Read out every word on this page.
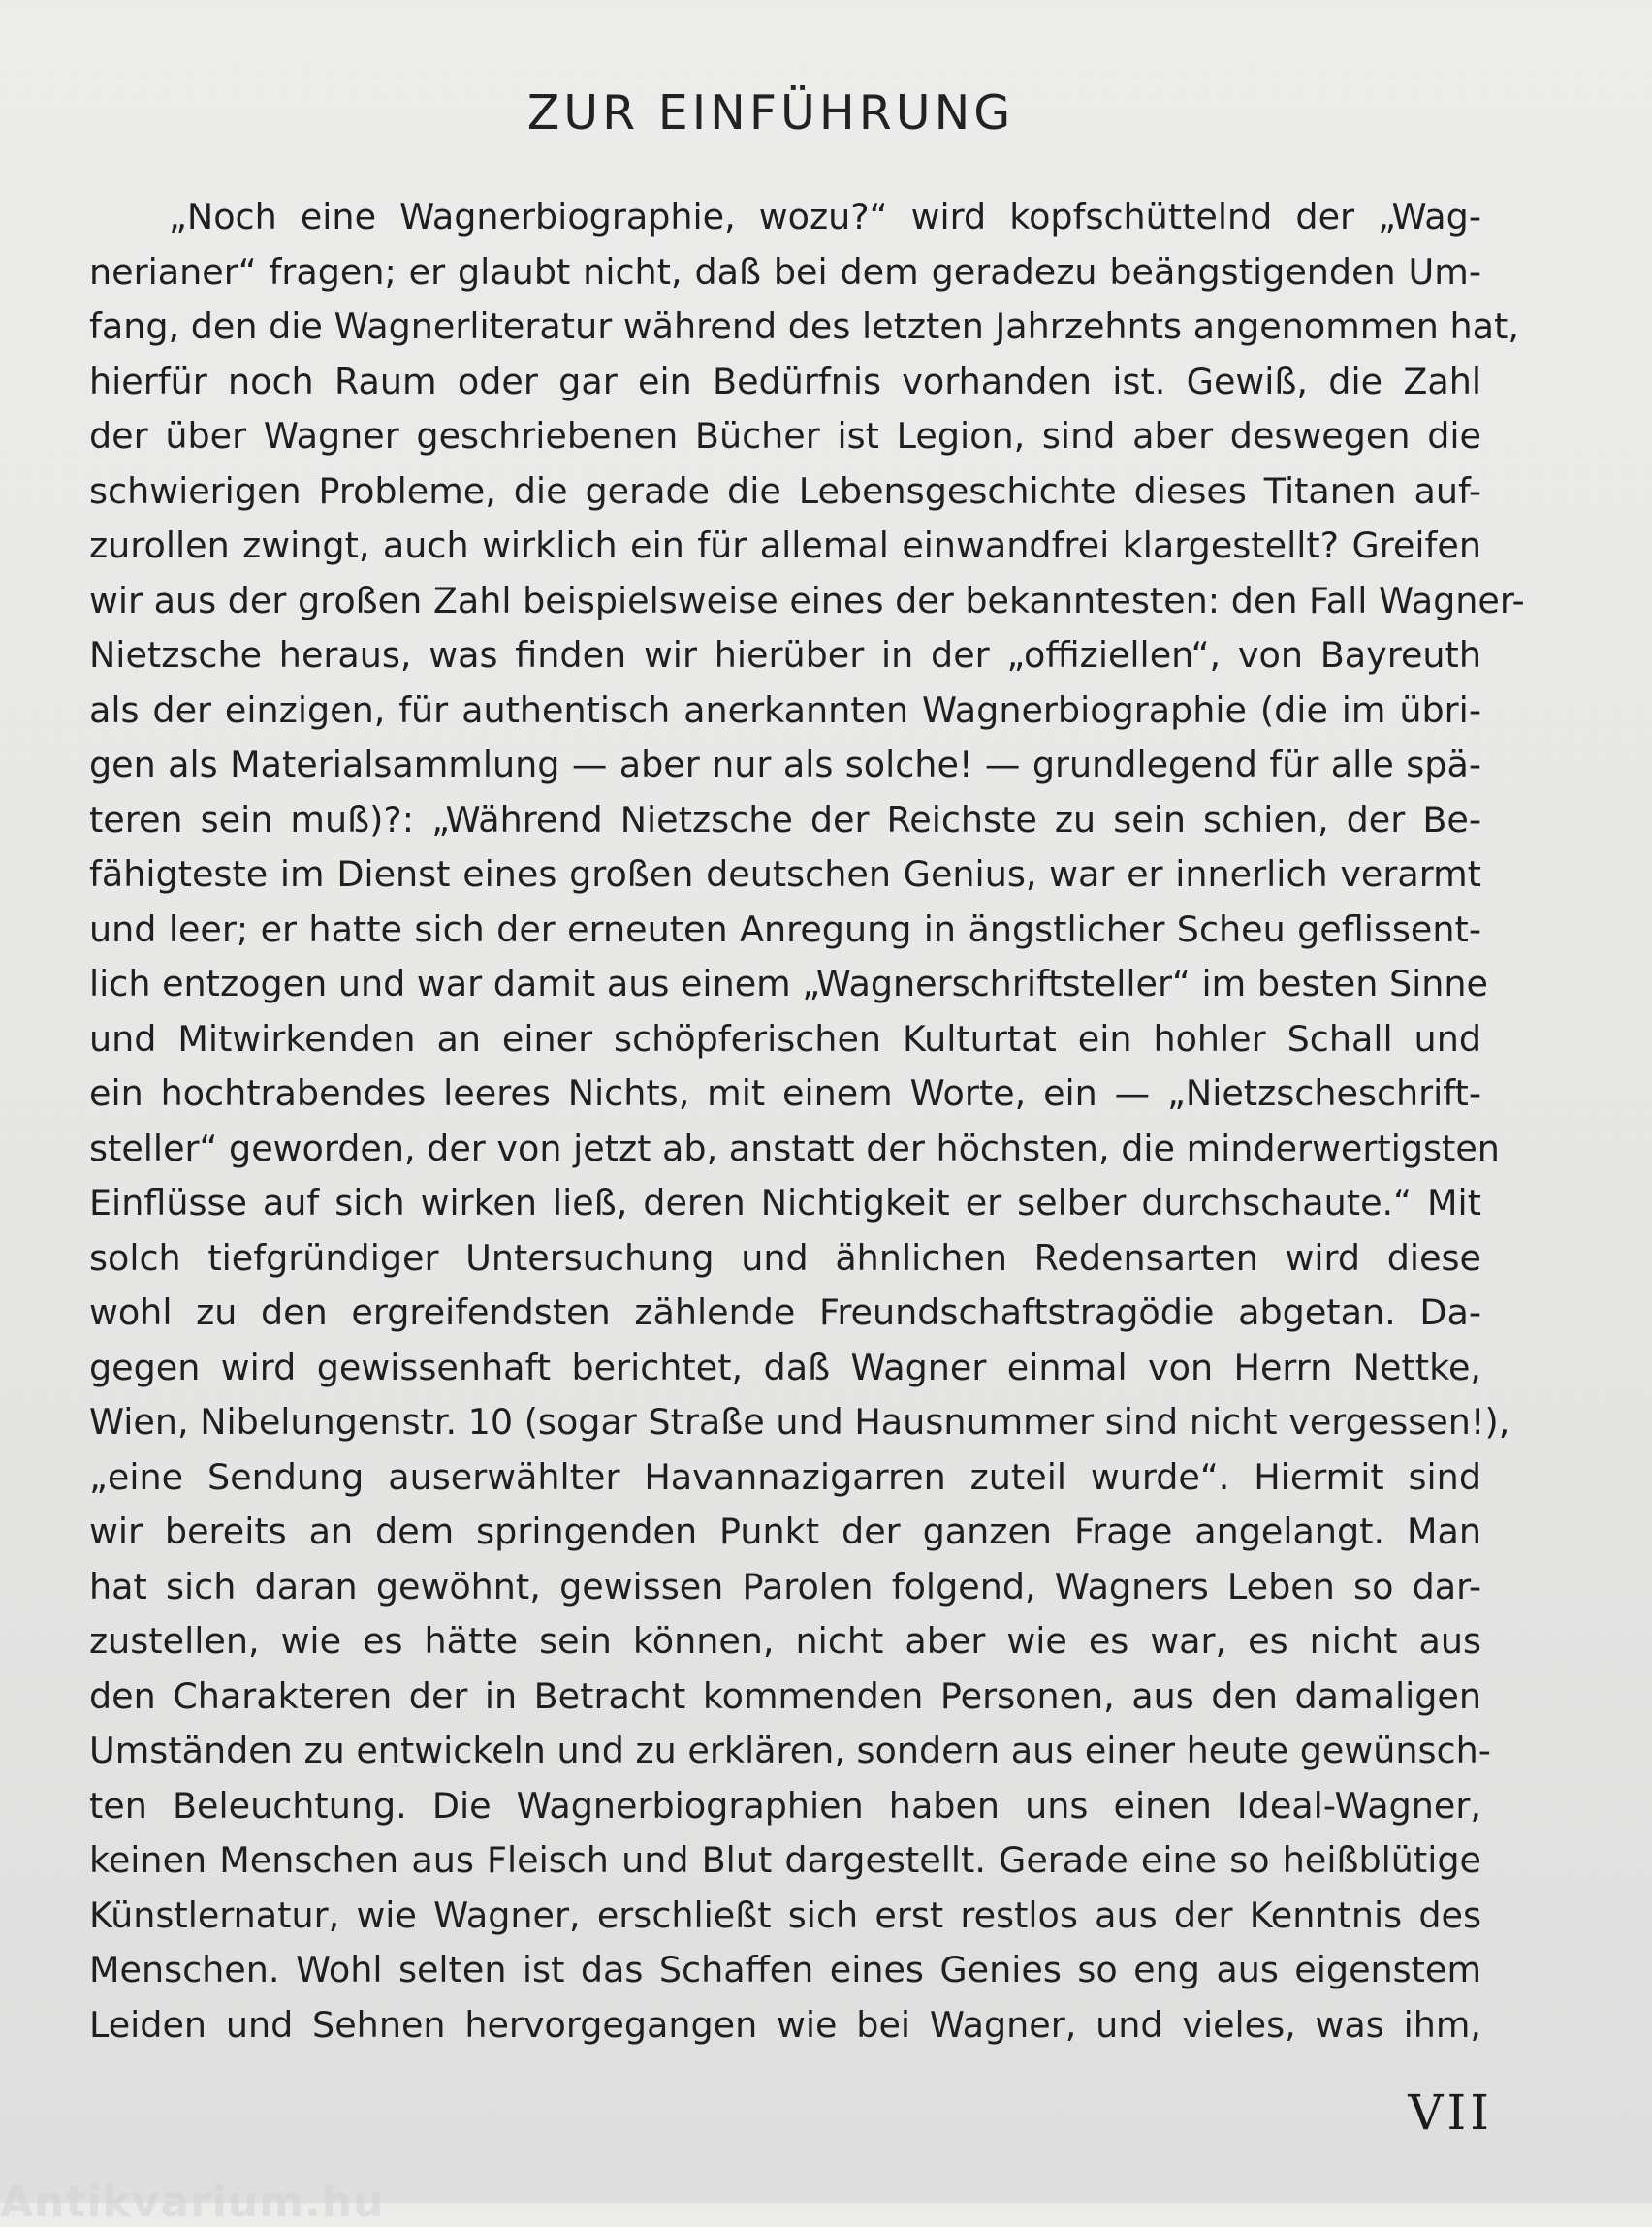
ZUR EINFÜHRUNG
„Noch eine Wagnerbiographie, wozu?“ wird kopfschüttelnd der „Wag-
nerianer“ fragen; er glaubt nicht, daß bei dem geradezu beängstigenden Um-
fang, den die Wagnerliteratur während des letzten Jahrzehnts angenommen hat,
hierfür noch Raum oder gar ein Bedürfnis vorhanden ist. Gewiß, die Zahl
der über Wagner geschriebenen Bücher ist Legion, sind aber deswegen die
schwierigen Probleme, die gerade die Lebensgeschichte dieses Titanen auf-
zurollen zwingt, auch wirklich ein für allemal einwandfrei klargestellt? Greifen
wir aus der großen Zahl beispielsweise eines der bekanntesten: den Fall Wagner-
Nietzsche heraus, was finden wir hierüber in der „offiziellen“, von Bayreuth
als der einzigen, für authentisch anerkannten Wagnerbiographie (die im übri-
gen als Materialsammlung — aber nur als solche! — grundlegend für alle spä-
teren sein muß)?: „Während Nietzsche der Reichste zu sein schien, der Be-
fähigteste im Dienst eines großen deutschen Genius, war er innerlich verarmt
und leer; er hatte sich der erneuten Anregung in ängstlicher Scheu geflissent-
lich entzogen und war damit aus einem „Wagnerschriftsteller“ im besten Sinne
und Mitwirkenden an einer schöpferischen Kulturtat ein hohler Schall und
ein hochtrabendes leeres Nichts, mit einem Worte, ein — „Nietzscheschrift-
steller“ geworden, der von jetzt ab, anstatt der höchsten, die minderwertigsten
Einflüsse auf sich wirken ließ, deren Nichtigkeit er selber durchschaute.“ Mit
solch tiefgründiger Untersuchung und ähnlichen Redensarten wird diese
wohl zu den ergreifendsten zählende Freundschaftstragödie abgetan. Da-
gegen wird gewissenhaft berichtet, daß Wagner einmal von Herrn Nettke,
Wien, Nibelungenstr. 10 (sogar Straße und Hausnummer sind nicht vergessen!),
„eine Sendung auserwählter Havannazigarren zuteil wurde“. Hiermit sind
wir bereits an dem springenden Punkt der ganzen Frage angelangt. Man
hat sich daran gewöhnt, gewissen Parolen folgend, Wagners Leben so dar-
zustellen, wie es hätte sein können, nicht aber wie es war, es nicht aus
den Charakteren der in Betracht kommenden Personen, aus den damaligen
Umständen zu entwickeln und zu erklären, sondern aus einer heute gewünsch-
ten Beleuchtung. Die Wagnerbiographien haben uns einen Ideal-Wagner,
keinen Menschen aus Fleisch und Blut dargestellt. Gerade eine so heißblütige
Künstlernatur, wie Wagner, erschließt sich erst restlos aus der Kenntnis des
Menschen. Wohl selten ist das Schaffen eines Genies so eng aus eigenstem
Leiden und Sehnen hervorgegangen wie bei Wagner, und vieles, was ihm,
VII
Antikvarium.hu
